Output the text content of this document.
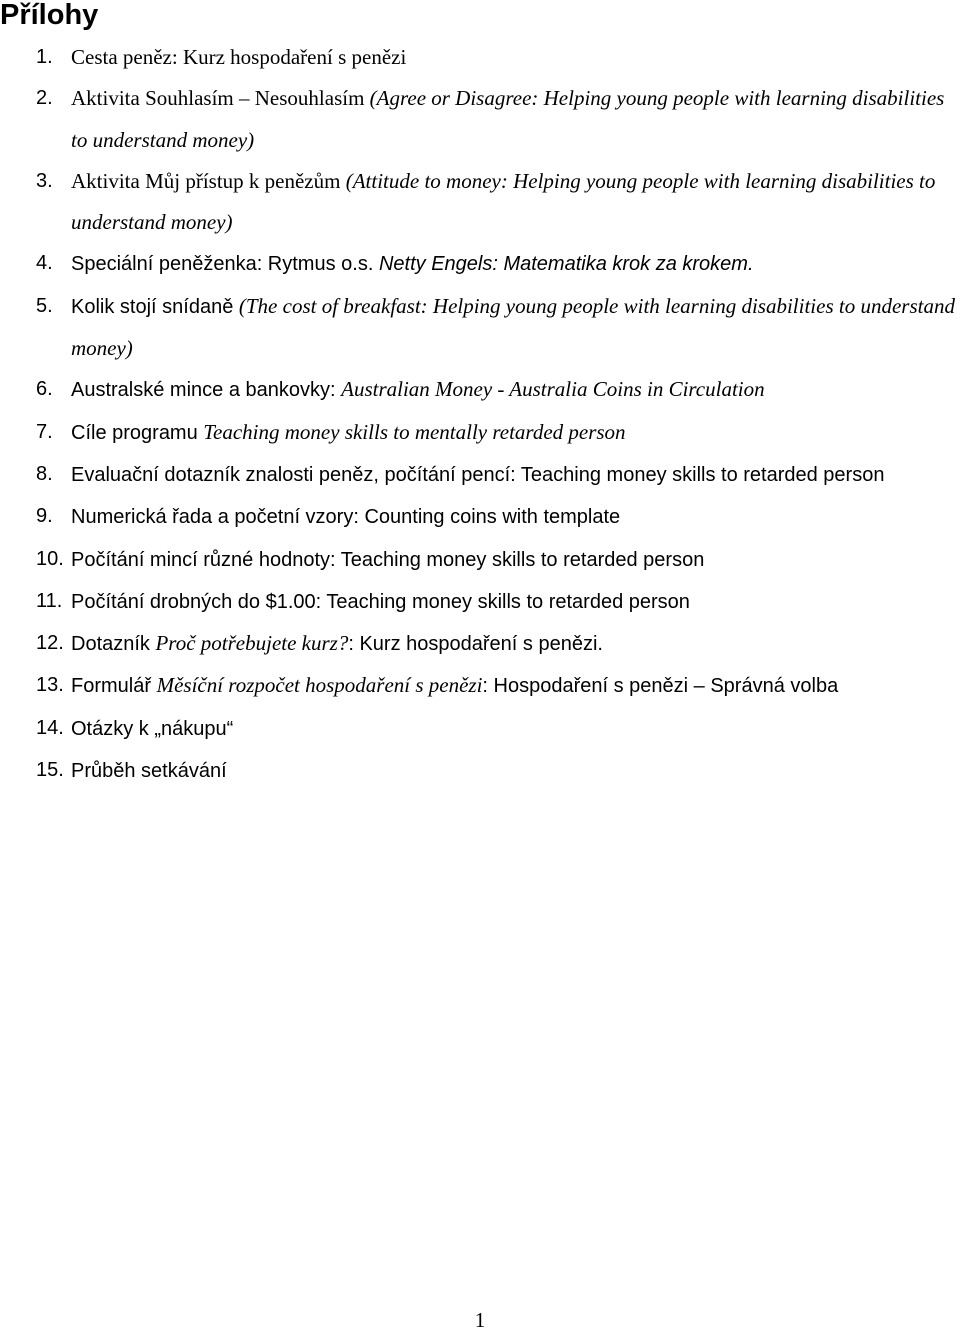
Přílohy
1. Cesta peněz: Kurz hospodaření s penězi
2. Aktivita Souhlasím – Nesouhlasím (Agree or Disagree: Helping young people with learning disabilities to understand money)
3. Aktivita Můj přístup k penězům (Attitude to money: Helping young people with learning disabilities to understand money)
4. Speciální peněženka: Rytmus o.s. Netty Engels: Matematika krok za krokem.
5. Kolik stojí snídaně (The cost of breakfast: Helping young people with learning disabilities to understand money)
6. Australské mince a bankovky: Australian Money - Australia Coins in Circulation
7. Cíle programu Teaching money skills to mentally retarded person
8. Evaluační dotazník znalosti peněz, počítání pencí: Teaching money skills to retarded person
9. Numerická řada a početní vzory: Counting coins with template
10. Počítání mincí různé hodnoty: Teaching money skills to retarded person
11. Počítání drobných do $1.00: Teaching money skills to retarded person
12. Dotazník Proč potřebujete kurz?: Kurz hospodaření s penězi.
13. Formulář Měsíční rozpočet hospodaření s penězi: Hospodaření s penězi – Správná volba
14. Otázky k „nákupu“
15. Průběh setkávání
1
